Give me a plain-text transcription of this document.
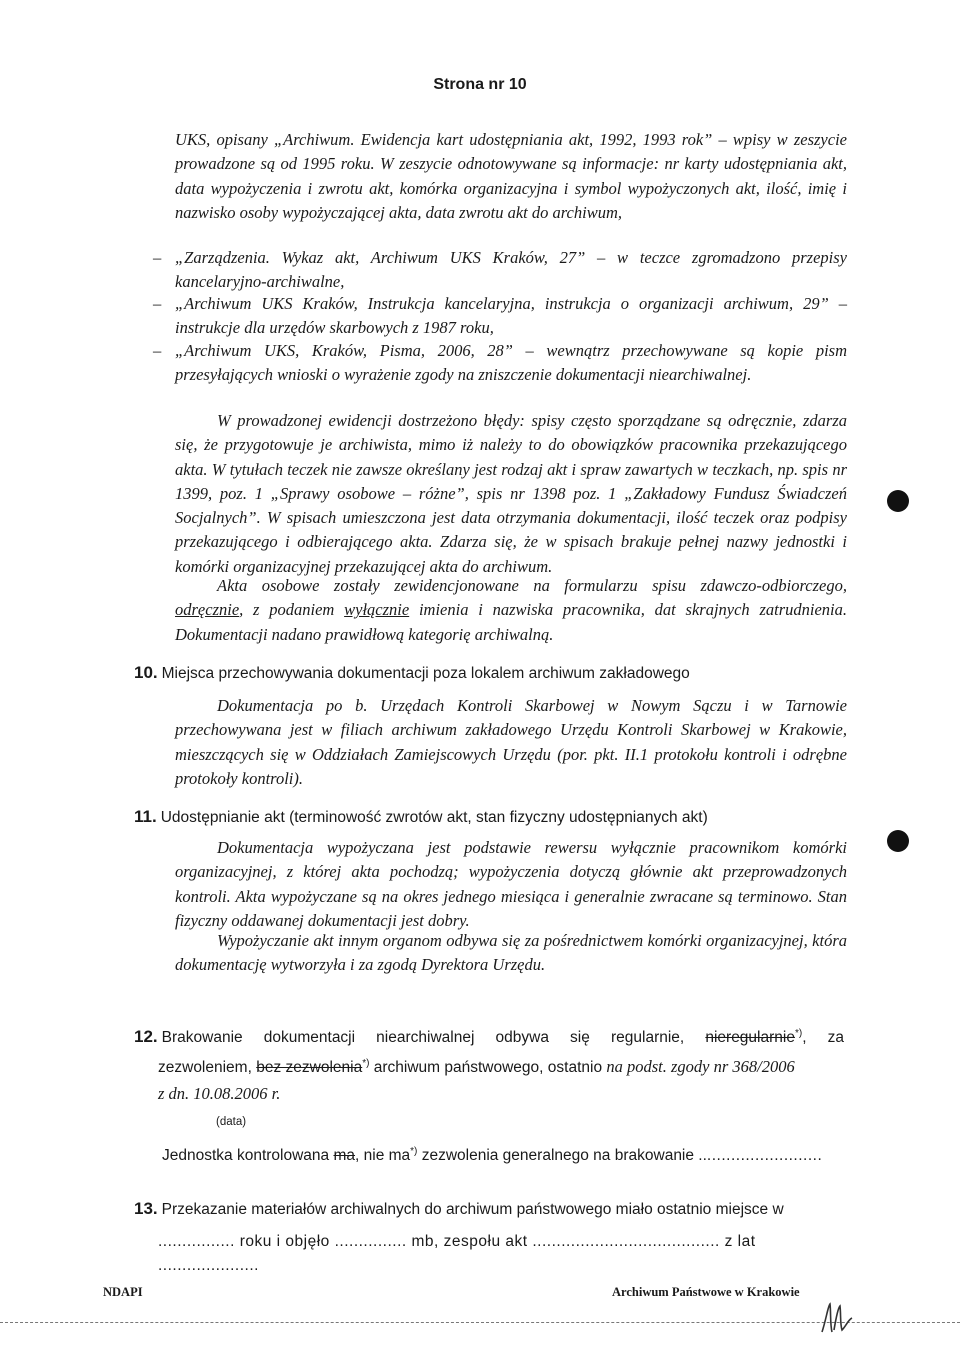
Strona nr 10
UKS, opisany „Archiwum. Ewidencja kart udostępniania akt, 1992, 1993 rok” – wpisy w zeszycie prowadzone są od 1995 roku. W zeszycie odnotowywane są informacje: nr karty udostępniania akt, data wypożyczenia i zwrotu akt, komórka organizacyjna i symbol wypożyczonych akt, ilość, imię i nazwisko osoby wypożyczającej akta, data zwrotu akt do archiwum,
– „Zarządzenia. Wykaz akt, Archiwum UKS Kraków, 27” – w teczce zgromadzono przepisy kancelaryjno-archiwalne,
– „Archiwum UKS Kraków, Instrukcja kancelaryjna, instrukcja o organizacji archiwum, 29” – instrukcje dla urzędów skarbowych z 1987 roku,
– „Archiwum UKS, Kraków, Pisma, 2006, 28” – wewnątrz przechowywane są kopie pism przesyłających wnioski o wyrażenie zgody na zniszczenie dokumentacji niearchiwalnej.
W prowadzonej ewidencji dostrzeżono błędy: spisy często sporządzane są odręcznie, zdarza się, że przygotowuje je archiwista, mimo iż należy to do obowiązków pracownika przekazującego akta. W tytułach teczek nie zawsze określany jest rodzaj akt i spraw zawartych w teczkach, np. spis nr 1399, poz. 1 „Sprawy osobowe – różne”, spis nr 1398 poz. 1 „Zakładowy Fundusz Świadczeń Socjalnych”. W spisach umieszczona jest data otrzymania dokumentacji, ilość teczek oraz podpisy przekazującego i odbierającego akta. Zdarza się, że w spisach brakuje pełnej nazwy jednostki i komórki organizacyjnej przekazującej akta do archiwum.
Akta osobowe zostały zewidencjonowane na formularzu spisu zdawczo-odbiorczego, odręcznie, z podaniem wyłącznie imienia i nazwiska pracownika, dat skrajnych zatrudnienia. Dokumentacji nadano prawidłową kategorię archiwalną.
10. Miejsca przechowywania dokumentacji poza lokalem archiwum zakładowego
Dokumentacja po b. Urzędach Kontroli Skarbowej w Nowym Sączu i w Tarnowie przechowywana jest w filiach archiwum zakładowego Urzędu Kontroli Skarbowej w Krakowie, mieszczących się w Oddziałach Zamiejscowych Urzędu (por. pkt. II.1 protokołu kontroli i odrębne protokoły kontroli).
11. Udostępnianie akt (terminowość zwrotów akt, stan fizyczny udostępnianych akt)
Dokumentacja wypożyczana jest podstawie rewersu wyłącznie pracownikom komórki organizacyjnej, z której akta pochodzą; wypożyczenia dotyczą głównie akt przeprowadzonych kontroli. Akta wypożyczane są na okres jednego miesiąca i generalnie zwracane są terminowo. Stan fizyczny oddawanej dokumentacji jest dobry.
Wypożyczanie akt innym organom odbywa się za pośrednictwem komórki organizacyjnej, która dokumentację wytworzyła i za zgodą Dyrektora Urzędu.
12. Brakowanie dokumentacji niearchiwalnej odbywa się regularnie, nieregularnie*), za
zezwoleniem, bez zezwolenia*) archiwum państwowego, ostatnio na podst. zgody nr 368/2006
z dn. 10.08.2006 r.
(data)
Jednostka kontrolowana ma, nie ma*) zezwolenia generalnego na brakowanie ..........................
13. Przekazanie materiałów archiwalnych do archiwum państwowego miało ostatnio miejsce w
................ roku i objęło ............... mb, zespołu akt ....................................... z lat .....................
NDAPI	Archiwum Państwowe w Krakowie
